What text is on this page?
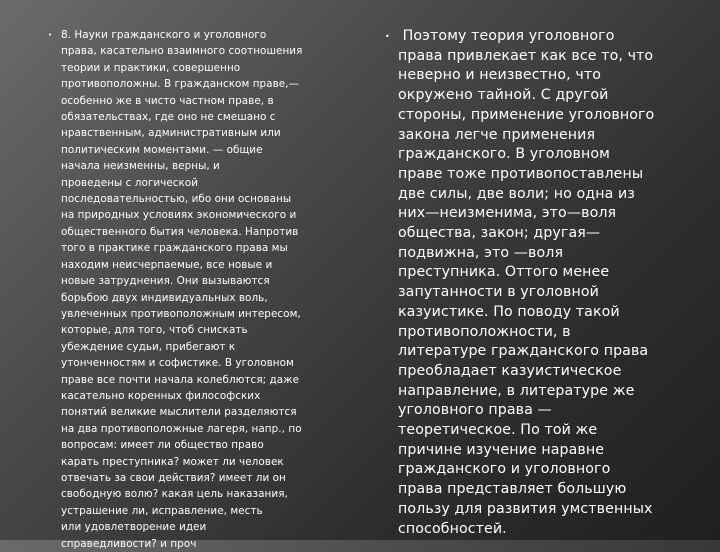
• 8. Науки гражданского и уголовного
права, касательно взаимного соотношения
теории и практики, совершенно
противоположны. В гражданском праве,—
особенно же в чисто частном праве, в
обязательствах, где оно не смешано с
нравственным, административным или
политическим моментами. — общие
начала неизменны, верны, и
проведены с логической
последовательностью, ибо они основаны
на природных условиях экономического и
общественного бытия человека. Напротив
того в практике гражданского права мы
находим неисчерпаемые, все новые и
новые затруднения. Они вызываются
борьбою двух индивидуальных воль,
увлеченных противоположным интересом,
которые, для того, чтоб снискать
убеждение судьи, прибегают к
утонченностям и софистике. В уголовном
праве все почти начала колеблются; даже
касательно коренных философских
понятий великие мыслители разделяются
на два противоположные лагеря, напр., по
вопросам: имеет ли общество право
карать преступника? может ли человек
отвечать за свои действия? имеет ли он
свободную волю? какая цель наказания,
устрашение ли, исправление, месть
или удовлетворение идеи
справедливости? и проч
• Поэтому теория уголовного
права привлекает как все то, что
неверно и неизвестно, что
окружено тайной. С другой
стороны, применение уголовного
закона легче применения
гражданского. В уголовном
праве тоже противопоставлены
две силы, две воли; но одна из
них—неизменима, это—воля
общества, закон; другая—
подвижна, это —воля
преступника. Оттого менее
запутанности в уголовной
казуистике. По поводу такой
противоположности, в
литературе гражданского права
преобладает казуистическое
направление, в литературе же
уголовного права —
теоретическое. По той же
причине изучение наравне
гражданского и уголовного
права представляет большую
пользу для развития умственных
способностей.
